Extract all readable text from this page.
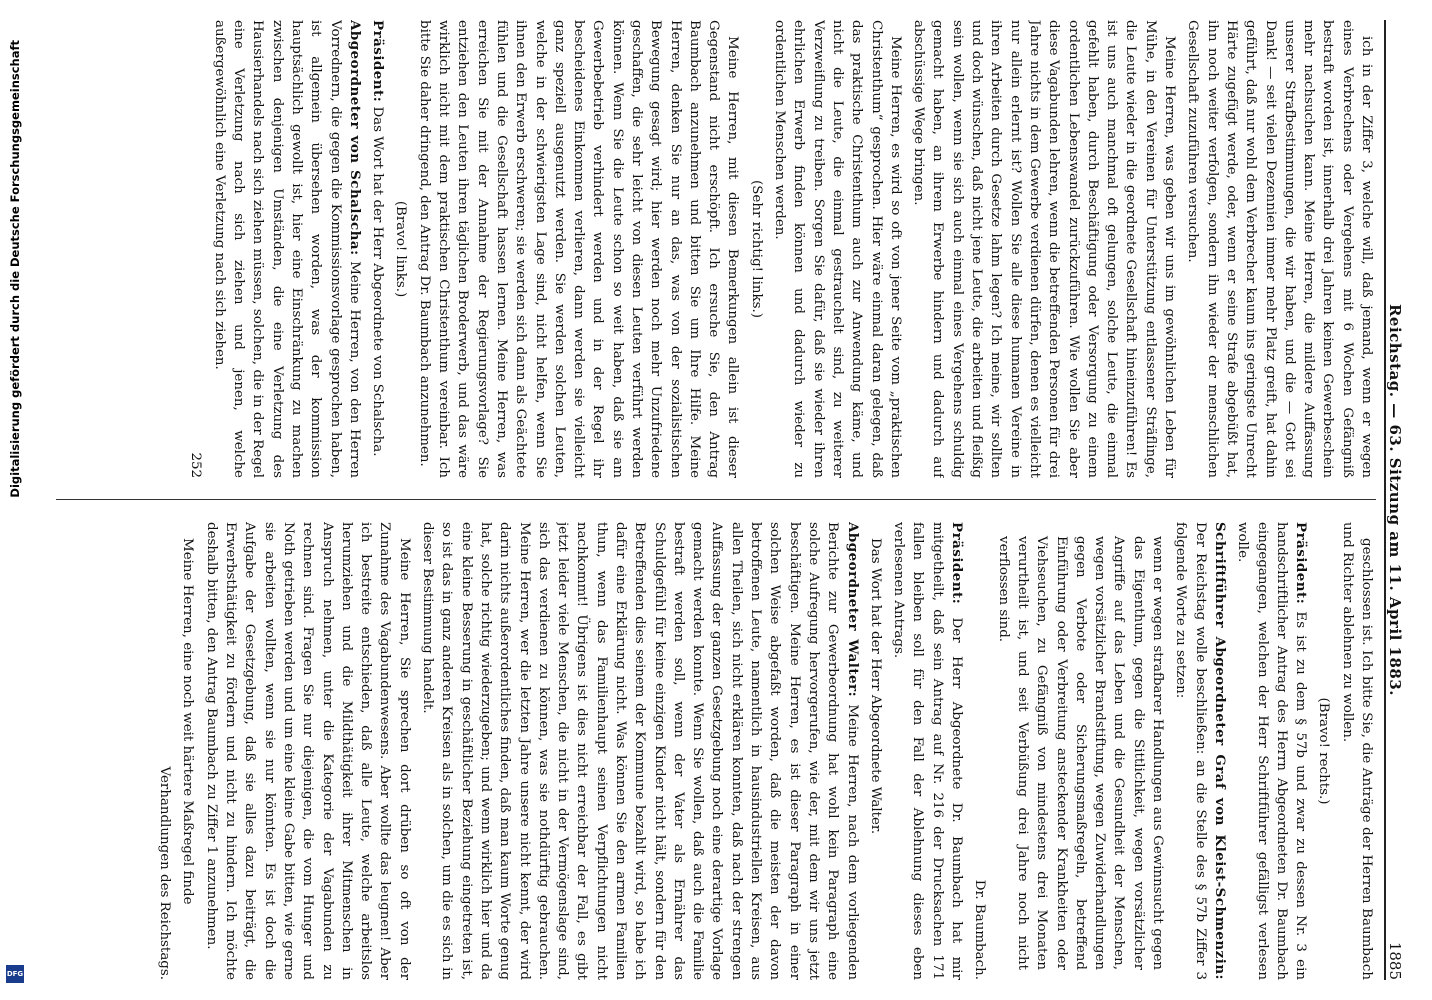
Reichstag. — 63. Sitzung am 11. April 1883.
1885

ich in der Ziffer 3, welche will, daß jemand, wenn er wegen eines Verbrechens oder Vergehens mit 6 Wochen Gefängniß bestraft worden ist, innerhalb drei Jahren keinen Gewerbeschein mehr nachsuchen kann. Meine Herren, die mildere Auffassung unserer Strafbestimmungen, die wir haben, und die — Gott sei Dank! — seit vielen Dezennien immer mehr Platz greift, hat dahin geführt, daß nur wohl dem Verbrecher kaum ins geringste Unrecht Härte zugefügt werde, oder, wenn er seine Strafe abgebüßt hat, ihn noch weiter verfolgen, sondern ihn wieder der menschlichen Gesellschaft zuzuführen versuchen.

Meine Herren, was geben wir uns im gewöhnlichen Leben für Mühe, in den Vereinen für Unterstützung entlassener Sträflinge, die Leute wieder in die geordnete Gesellschaft hineinzuführen! Es ist uns auch manchmal oft gelungen, solche Leute, die einmal gefehlt haben, durch Beschäftigung oder Versorgung zu einem ordentlichen Lebenswandel zurückzuführen. Wie wollen Sie aber diese Vagabunden lehren, wenn die betreffenden Personen für drei Jahre nichts in dem Gewerbe verdienen dürfen, denen es vielleicht nur allein erlernt ist? Wollen Sie alle diese humanen Vereine in ihren Arbeiten durch Gesetze lahm legen? Ich meine, wir sollten und doch wünschen, daß nicht jene Leute, die arbeiten und fleißig sein wollen, wenn sie sich auch einmal eines Vergehens schuldig gemacht haben, an ihrem Erwerbe hindern und dadurch auf abschüssige Wege bringen.

Meine Herren, es wird so oft von jener Seite vom „praktischen Christenthum“ gesprochen. Hier wäre einmal daran gelegen, daß das praktische Christenthum auch zur Anwendung käme, und nicht die Leute, die einmal gestrauchelt sind, zu weiterer Verzweiflung zu treiben. Sorgen Sie dafür, daß sie wieder ihren ehrlichen Erwerb finden können und dadurch wieder zu ordentlichen Menschen werden.

(Sehr richtig! links.)

Meine Herren, mit diesen Bemerkungen allein ist dieser Gegenstand nicht erschöpft. Ich ersuche Sie, den Antrag Baumbach anzunehmen und bitten Sie um Ihre Hilfe. Meine Herren, denken Sie nur an das, was von der sozialistischen Bewegung gesagt wird; hier werden noch mehr Unzufriedene geschaffen, die sehr leicht von diesen Leuten verführt werden können. Wenn Sie die Leute schon so weit haben, daß sie am Gewerbebetrieb verhindert werden und in der Regel ihr bescheidenes Einkommen verlieren, dann werden sie vielleicht ganz speziell ausgenutzt werden. Sie werden solchen Leuten, welche in der schwierigsten Lage sind, nicht helfen, wenn Sie ihnen den Erwerb erschweren; sie werden sich dann als Geächtete fühlen und die Gesellschaft hassen lernen. Meine Herren, was erreichen Sie mit der Annahme der Regierungsvorlage? Sie entziehen den Leuten ihren täglichen Broderwerb, und das wäre wirklich nicht mit dem praktischen Christenthum vereinbar. Ich bitte Sie daher dringend, den Antrag Dr. Baumbach anzunehmen.

(Bravo! links.)

Präsident: Das Wort hat der Herr Abgeordnete von Schalscha.

Abgeordneter von Schalscha: Meine Herren, von den Herren Vorrednern, die gegen die Kommissionsvorlage gesprochen haben, ist allgemein übersehen worden, was der kommission hauptsächlich gewollt ist, hier eine Einschränkung zu machen zwischen denjenigen Umständen, die eine Verletzung des Hausierhandels nach sich ziehen müssen, solchen, die in der Regel eine Verletzung nach sich ziehen und jenen, welche außergewöhnlich eine Verletzung nach sich ziehen.

252

geschlossen ist. Ich bitte Sie, die Anträge der Herren Baumbach und Richter ablehnen zu wollen.

(Bravo! rechts.)

Präsident: Es ist zu dem § 57b und zwar zu dessen Nr. 3 ein handschriftlicher Antrag des Herrn Abgeordneten Dr. Baumbach eingegangen, welchen der Herr Schriftführer gefälligst verlesen wolle.

Schriftführer Abgeordneter Graf von Kleist-Schmenzin: Der Reichstag wolle beschließen: an die Stelle des § 57b Ziffer 3 folgende Worte zu setzen:

wenn er wegen strafbarer Handlungen aus Gewinnsucht gegen das Eigenthum, gegen die Sittlichkeit, wegen vorsätzlicher Angriffe auf das Leben und die Gesundheit der Menschen, wegen vorsätzlicher Brandstiftung, wegen Zuwiderhandlungen gegen Verbote oder Sicherungsmaßregeln, betreffend Einführung oder Verbreitung ansteckender Krankheiten oder Viehseuchen, zu Gefängniß von mindestens drei Monaten verurtheilt ist, und seit Verbüßung drei Jahre noch nicht verflossen sind.

Dr. Baumbach.

Präsident: Der Herr Abgeordnete Dr. Baumbach hat mir mitgetheilt, daß sein Antrag auf Nr. 216 der Drucksachen 171 fallen bleiben soll für den Fall der Ablehnung dieses eben verlesenen Antrags.

Das Wort hat der Herr Abgeordnete Walter.

Abgeordneter Walter: Meine Herren, nach dem vorliegenden Berichte zur Gewerbeordnung hat wohl kein Paragraph eine solche Aufregung hervorgerufen, wie der, mit dem wir uns jetzt beschäftigen. Meine Herren, es ist dieser Paragraph in einer solchen Weise abgefaßt worden, daß die meisten der davon betroffenen Leute, namentlich in hausindustriellen Kreisen, aus allen Theilen, sich nicht erklären konnten, daß nach der strengen Auffassung der ganzen Gesetzgebung noch eine derartige Vorlage gemacht werden konnte. Wenn Sie wollen, daß auch die Familie bestraft werden soll, wenn der Vater als Ernährer das Schuldgefühl für keine einzigen Kinder nicht hält, sondern für den Betreffenden dies seinem der Kommune bezahlt wird, so habe ich dafür eine Erklärung nicht. Was können Sie den armen Familien thun, wenn das Familienhaupt seinen Verpflichtungen nicht nachkommt! Übrigens ist dies nicht erreichbar der Fall, es gibt jetzt leider viele Menschen, die nicht in der Vermögenslage sind, sich das verdienen zu können, was sie nothdürftig gebrauchen. Meine Herren, wer die letzten Jahre unsere nicht kennt, der wird darin nichts außerordentliches finden, daß man kaum Worte genug hat, solche richtig wiederzugeben; und wenn wirklich hier und da eine kleine Besserung in geschäftlicher Beziehung eingetreten ist, so ist das in ganz anderen Kreisen als in solchen, um die es sich in dieser Bestimmung handelt.

Meine Herren, Sie sprechen dort drüben so oft von der Zunahme des Vagabundenwesens. Aber wollte das leugnen! Aber ich bestreite entschieden, daß alle Leute, welche arbeitslos herumziehen und die Mildthätigkeit ihrer Mitmenschen in Anspruch nehmen, unter die Kategorie der Vagabunden zu rechnen sind. Fragen Sie nur diejenigen, die vom Hunger und Noth getrieben werden und um eine kleine Gabe bitten, wie gerne sie arbeiten wollten, wenn sie nur könnten. Es ist doch die Aufgabe der Gesetzgebung, daß sie alles dazu beiträgt, die Erwerbsthätigkeit zu fördern und nicht zu hindern. Ich möchte deshalb bitten, den Antrag Baumbach zu Ziffer 1 anzunehmen.

Meine Herren, eine noch weit härtere Maßregel finde

Verhandlungen des Reichstags.

Digitalisierung gefördert durch die Deutsche Forschungsgemeinschaft
DFG
